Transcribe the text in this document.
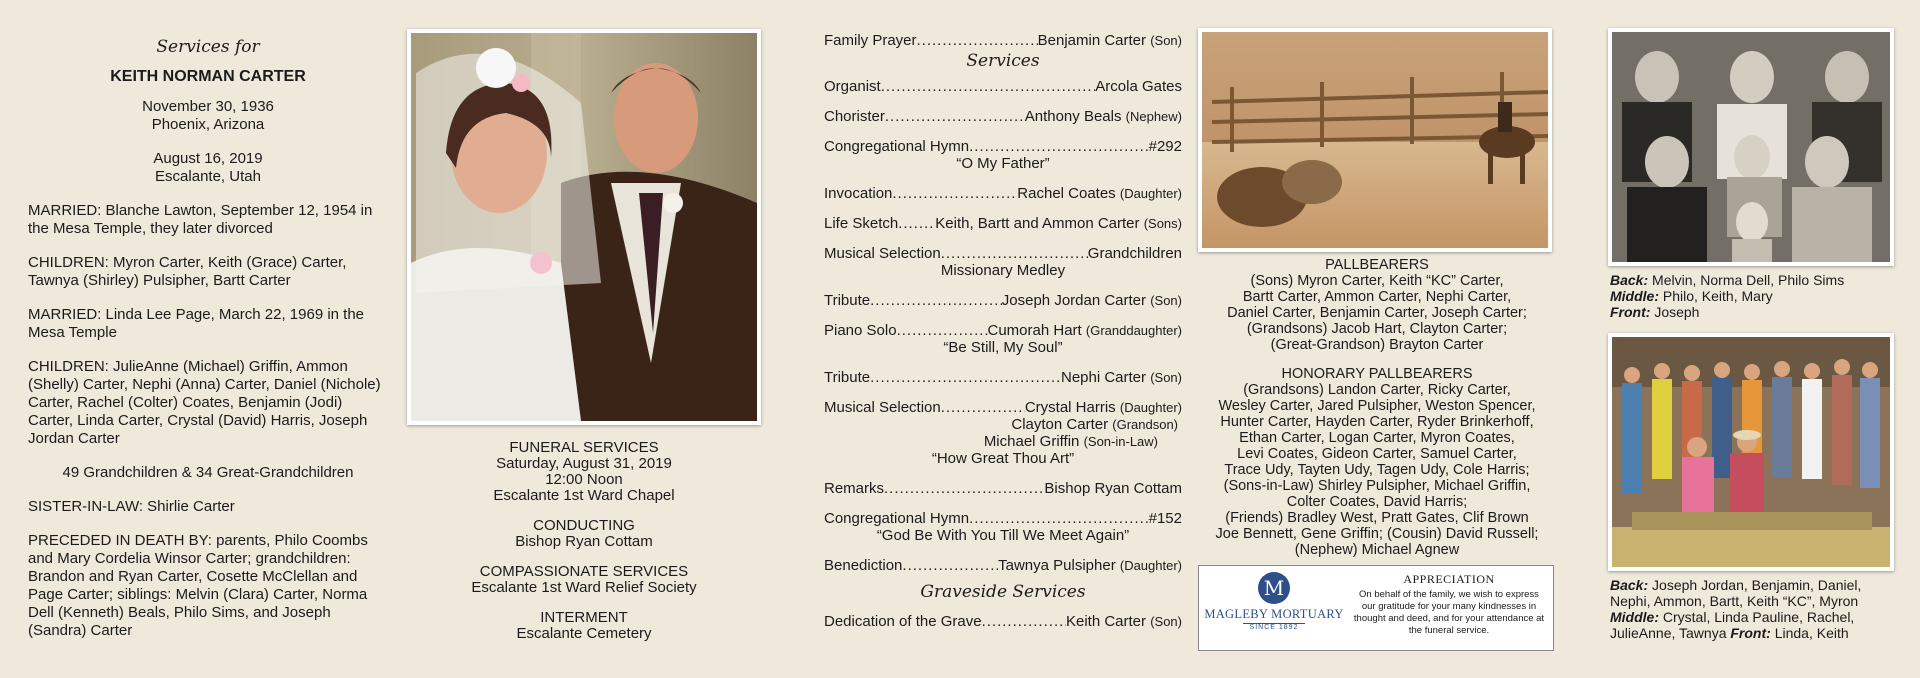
Services for

KEITH NORMAN CARTER

November 30, 1936

Phoenix, Arizona

August 16, 2019

Escalante, Utah

MARRIED: Blanche Lawton, September 12, 1954 in the Mesa Temple, they later divorced

CHILDREN: Myron Carter, Keith (Grace) Carter, Tawnya (Shirley) Pulsipher, Bartt Carter

MARRIED: Linda Lee Page, March 22, 1969 in the Mesa Temple

CHILDREN: JulieAnne (Michael) Griffin, Ammon (Shelly) Carter, Nephi (Anna) Carter, Daniel (Nichole) Carter, Rachel (Colter) Coates, Benjamin (Jodi) Carter, Linda Carter, Crystal (David) Harris, Joseph Jordan Carter

49 Grandchildren & 34 Great-Grandchildren

SISTER-IN-LAW: Shirlie Carter

PRECEDED IN DEATH BY: parents, Philo Coombs and Mary Cordelia Winsor Carter; grandchildren: Brandon and Ryan Carter, Cosette McClellan and Page Carter; siblings: Melvin (Clara) Carter, Norma Dell (Kenneth) Beals, Philo Sims, and Joseph (Sandra) Carter

FUNERAL SERVICES

Saturday, August 31, 2019

12:00 Noon

Escalante 1st Ward Chapel

CONDUCTING

Bishop Ryan Cottam

COMPASSIONATE SERVICES

Escalante 1st Ward Relief Society

INTERMENT

Escalante Cemetery

Family Prayer .....	Benjamin Carter (Son)

Services

Organist .....	Arcola Gates
Chorister .....	Anthony Beals (Nephew)
Congregational Hymn .....	#292

“O My Father”

Invocation .....	Rachel Coates (Daughter)
Life Sketch ..... Keith, Bartt and Ammon Carter (Sons)
Musical Selection .....	Grandchildren

Missionary Medley

Tribute .....	Joseph Jordan Carter (Son)
Piano Solo .....	Cumorah Hart (Granddaughter)

“Be Still, My Soul”

Tribute .....	Nephi Carter (Son)
Musical Selection .....	Crystal Harris (Daughter)
Clayton Carter (Grandson)
Michael Griffin (Son-in-Law)

“How Great Thou Art”

Remarks .....	Bishop Ryan Cottam
Congregational Hymn .....	#152

“God Be With You Till We Meet Again”

Benediction .....	Tawnya Pulsipher (Daughter)

Graveside Services

Dedication of the Grave .....	Keith Carter (Son)

PALLBEARERS

(Sons) Myron Carter, Keith “KC” Carter,

Bartt Carter, Ammon Carter, Nephi Carter,

Daniel Carter, Benjamin Carter, Joseph Carter;

(Grandsons) Jacob Hart, Clayton Carter;

(Great-Grandson) Brayton Carter

HONORARY PALLBEARERS

(Grandsons) Landon Carter, Ricky Carter,

Wesley Carter, Jared Pulsipher, Weston Spencer,

Hunter Carter, Hayden Carter, Ryder Brinkerhoff,

Ethan Carter, Logan Carter, Myron Coates,

Levi Coates, Gideon Carter, Samuel Carter,

Trace Udy, Tayten Udy, Tagen Udy, Cole Harris;

(Sons-in-Law) Shirley Pulsipher, Michael Griffin,

Colter Coates, David Harris;

(Friends) Bradley West, Pratt Gates, Clif Brown

Joe Bennett, Gene Griffin; (Cousin) David Russell;

(Nephew) Michael Agnew

M
MAGLEBY MORTUARY
SINCE 1892
APPRECIATION
On behalf of the family, we wish to express our gratitude for your many kindnesses in thought and deed, and for your attendance at the funeral service.

Back: Melvin, Norma Dell, Philo Sims

Middle: Philo, Keith, Mary

Front: Joseph

Back: Joseph Jordan, Benjamin, Daniel, Nephi, Ammon, Bartt, Keith “KC”, Myron

Middle: Crystal, Linda Pauline, Rachel, JulieAnne, Tawnya Front: Linda, Keith
